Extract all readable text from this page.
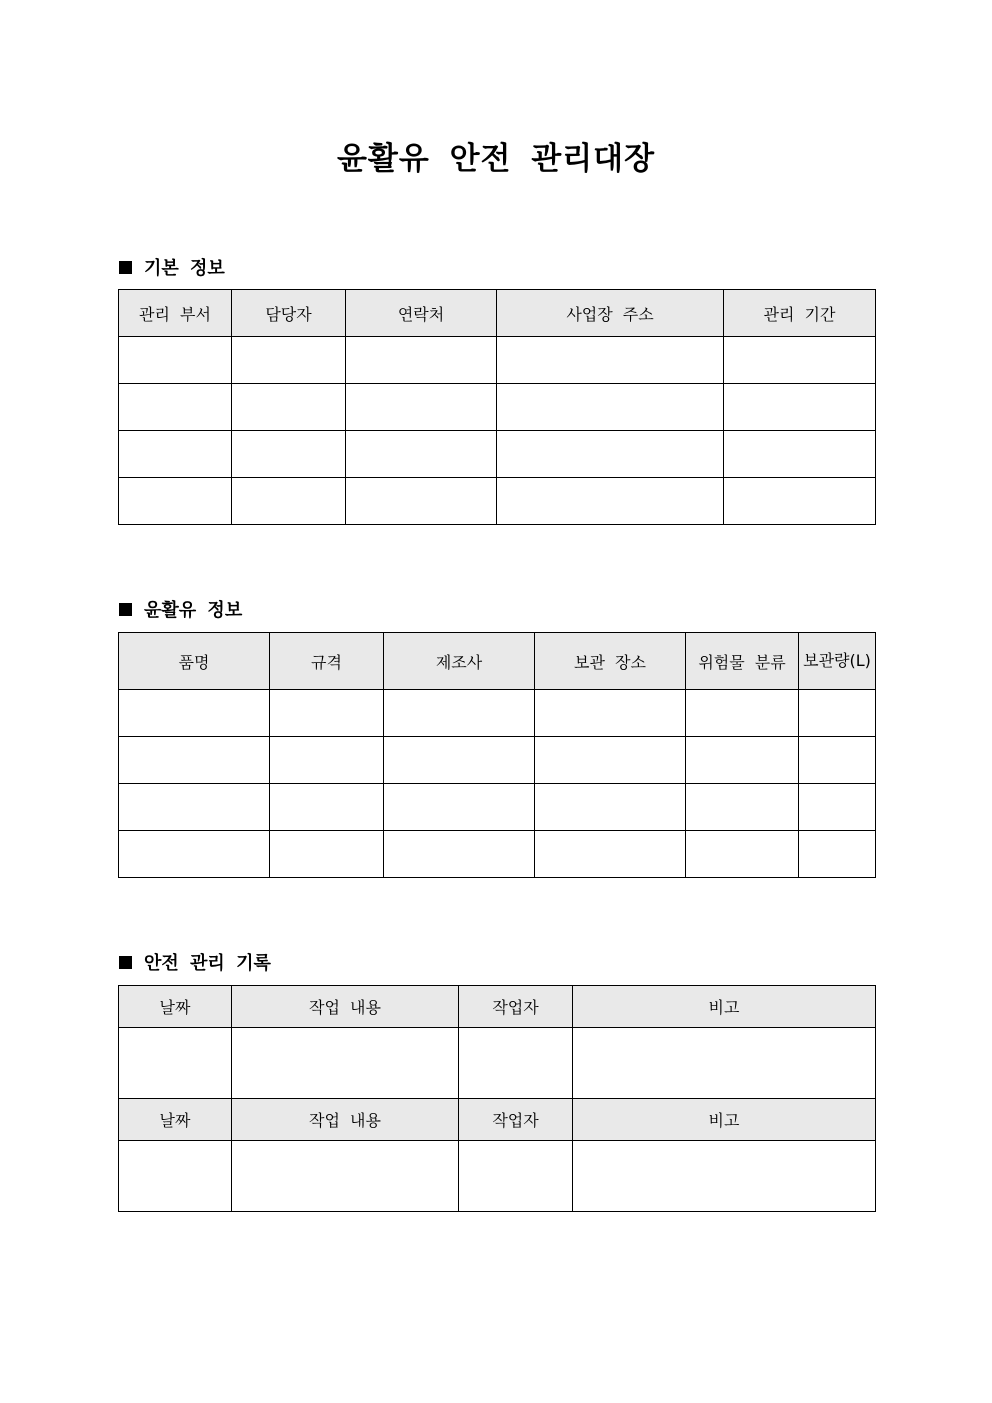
윤활유 안전 관리대장
기본 정보
관리 부서	담당자	연락처	사업장 주소	관리 기간

윤활유 정보
품명	규격	제조사	보관 장소	위험물 분류	보관량(L)

안전 관리 기록
날짜	작업 내용	작업자	비고

날짜	작업 내용	작업자	비고
